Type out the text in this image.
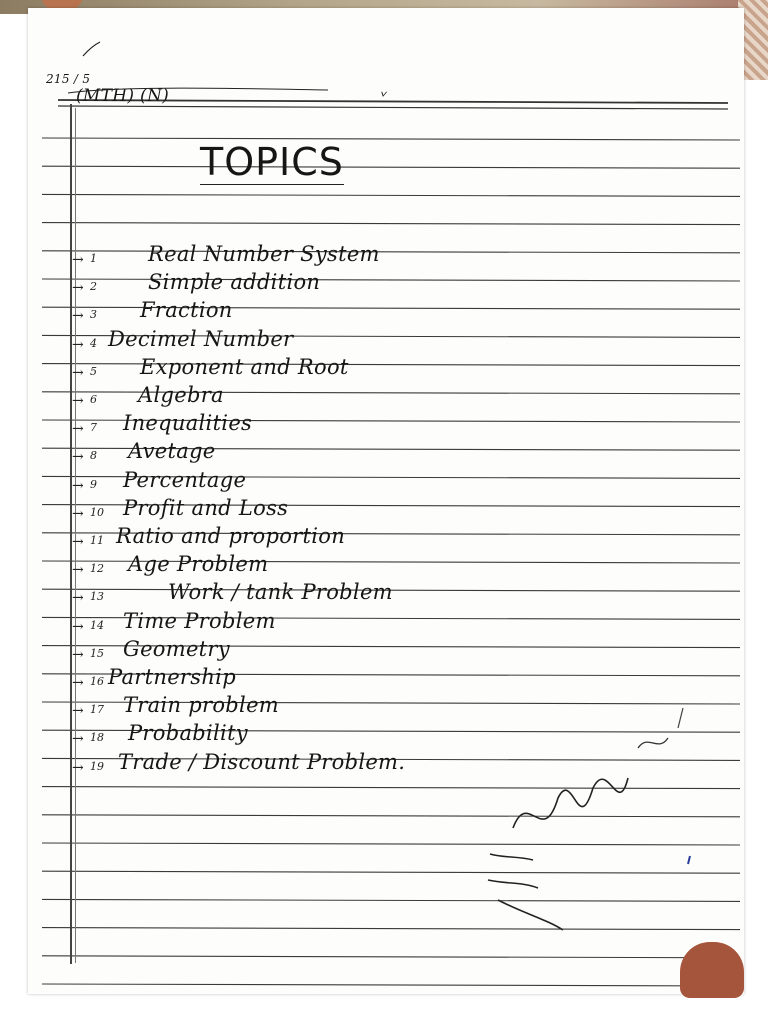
215 / 5
(MTH) (N)	ᘁ
TOPICS
→ 1 Real Number System
→ 2 Simple addition
→ 3 Fraction
→ 4 Decimel Number
→ 5 Exponent and Root
→ 6 Algebra
→ 7 Inequalities
→ 8 Avetage
→ 9 Percentage
→ 10 Profit and Loss
→ 11 Ratio and proportion
→ 12 Age Problem
→ 13	Work / tank Problem
→ 14 Time Problem
→ 15 Geometry
→ 16 Partnership
→ 17 Train problem
→ 18 Probability
→ 19 Trade / Discount Problem.
